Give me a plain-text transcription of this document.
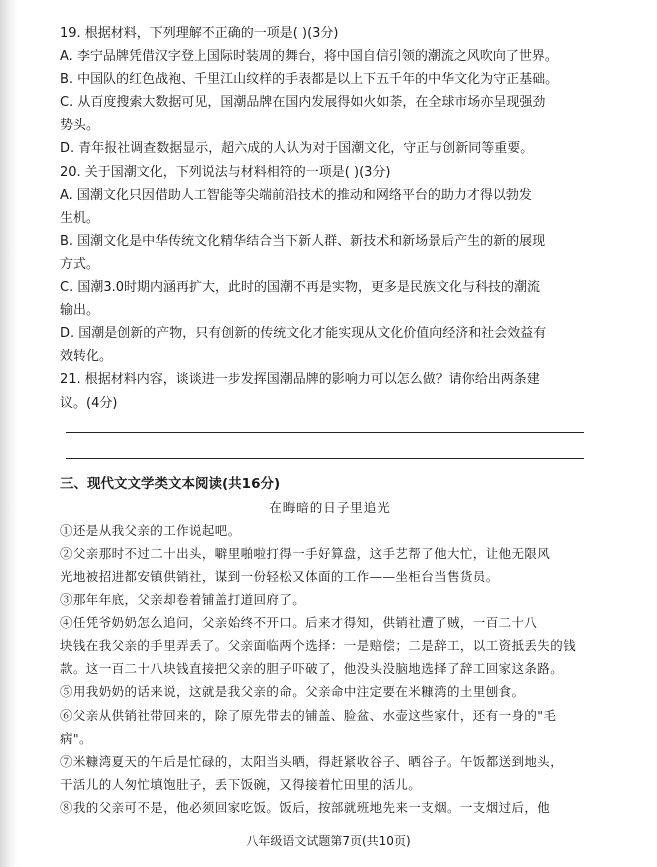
19. 根据材料，下列理解不正确的一项是( )(3分)
A. 李宁品牌凭借汉字登上国际时装周的舞台，将中国自信引领的潮流之风吹向了世界。
B. 中国队的红色战袍、千里江山纹样的手表都是以上下五千年的中华文化为守正基础。
C. 从百度搜索大数据可见，国潮品牌在国内发展得如火如荼，在全球市场亦呈现强劲
势头。
D. 青年报社调查数据显示，超六成的人认为对于国潮文化，守正与创新同等重要。
20. 关于国潮文化，下列说法与材料相符的一项是( )(3分)
A. 国潮文化只因借助人工智能等尖端前沿技术的推动和网络平台的助力才得以勃发
生机。
B. 国潮文化是中华传统文化精华结合当下新人群、新技术和新场景后产生的新的展现
方式。
C. 国潮3.0时期内涵再扩大，此时的国潮不再是实物，更多是民族文化与科技的潮流
输出。
D. 国潮是创新的产物，只有创新的传统文化才能实现从文化价值向经济和社会效益有
效转化。
21. 根据材料内容，谈谈进一步发挥国潮品牌的影响力可以怎么做？请你给出两条建
议。(4分)
三、现代文文学类文本阅读(共16分)
在晦暗的日子里追光
①还是从我父亲的工作说起吧。
②父亲那时不过二十出头，噼里啪啦打得一手好算盘，这手艺帮了他大忙，让他无限风
光地被招进都安镇供销社，谋到一份轻松又体面的工作——坐柜台当售货员。
③那年年底，父亲却卷着铺盖打道回府了。
④任凭爷奶奶怎么追问，父亲始终不开口。后来才得知，供销社遭了贼，一百二十八
块钱在我父亲的手里弄丢了。父亲面临两个选择：一是赔偿；二是辞工，以工资抵丢失的钱
款。这一百二十八块钱直接把父亲的胆子吓破了，他没头没脑地选择了辞工回家这条路。
⑤用我奶奶的话来说，这就是我父亲的命。父亲命中注定要在米糠湾的土里刨食。
⑥父亲从供销社带回来的，除了原先带去的铺盖、脸盆、水壶这些家什，还有一身的"毛
病"。
⑦米糠湾夏天的午后是忙碌的，太阳当头晒，得赶紧收谷子、晒谷子。午饭都送到地头，
干活儿的人匆忙填饱肚子，丢下饭碗，又得接着忙田里的活儿。
⑧我的父亲可不是，他必须回家吃饭。饭后，按部就班地先来一支烟。一支烟过后，他
八年级语文试题第7页(共10页)
